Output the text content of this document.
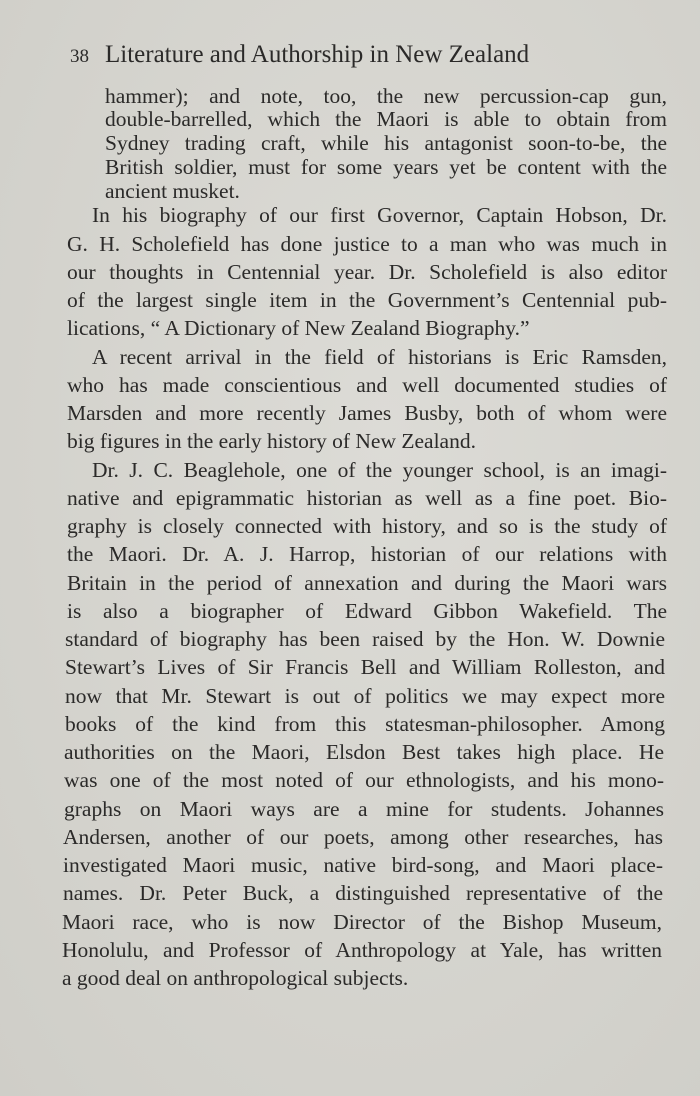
38 Literature and Authorship in New Zealand
hammer); and note, too, the new percussion-cap gun,
double-barrelled, which the Maori is able to obtain from
Sydney trading craft, while his antagonist soon-to-be, the
British soldier, must for some years yet be content with the
ancient musket.
In his biography of our first Governor, Captain Hobson, Dr.
G. H. Scholefield has done justice to a man who was much in
our thoughts in Centennial year. Dr. Scholefield is also editor
of the largest single item in the Government’s Centennial pub-
lications, “ A Dictionary of New Zealand Biography.”
A recent arrival in the field of historians is Eric Ramsden,
who has made conscientious and well documented studies of
Marsden and more recently James Busby, both of whom were
big figures in the early history of New Zealand.
Dr. J. C. Beaglehole, one of the younger school, is an imagi-
native and epigrammatic historian as well as a fine poet. Bio-
graphy is closely connected with history, and so is the study of
the Maori. Dr. A. J. Harrop, historian of our relations with
Britain in the period of annexation and during the Maori wars
is also a biographer of Edward Gibbon Wakefield. The
standard of biography has been raised by the Hon. W. Downie
Stewart’s Lives of Sir Francis Bell and William Rolleston, and
now that Mr. Stewart is out of politics we may expect more
books of the kind from this statesman-philosopher. Among
authorities on the Maori, Elsdon Best takes high place. He
was one of the most noted of our ethnologists, and his mono-
graphs on Maori ways are a mine for students. Johannes
Andersen, another of our poets, among other researches, has
investigated Maori music, native bird-song, and Maori place-
names. Dr. Peter Buck, a distinguished representative of the
Maori race, who is now Director of the Bishop Museum,
Honolulu, and Professor of Anthropology at Yale, has written
a good deal on anthropological subjects.
